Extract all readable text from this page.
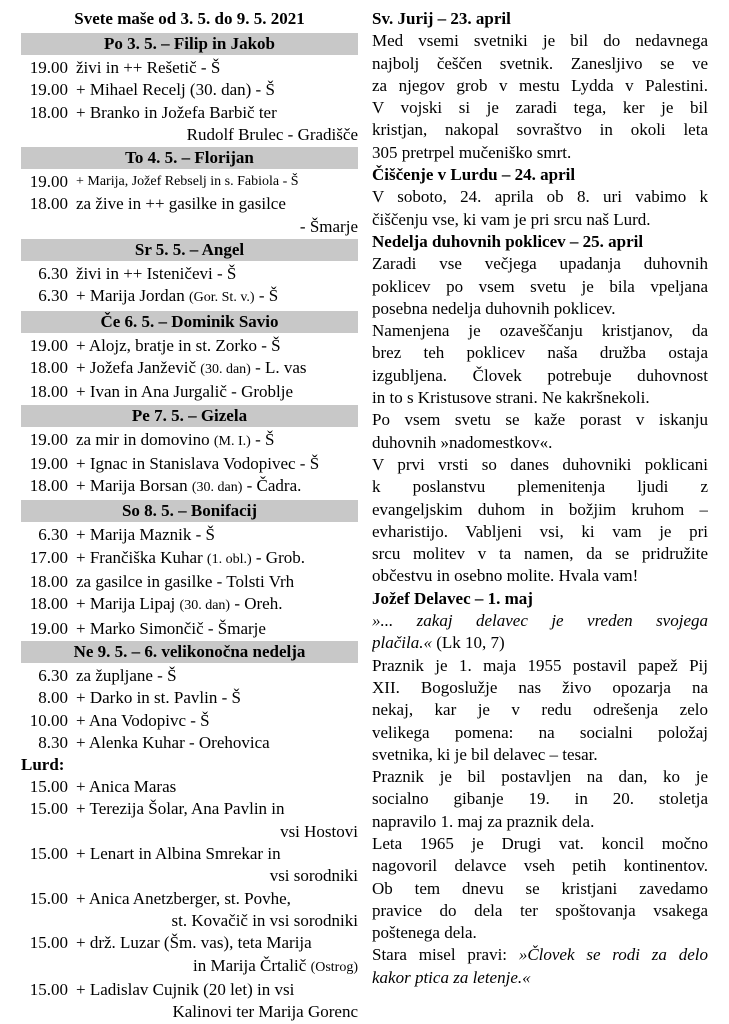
Svete maše od 3. 5. do 9. 5. 2021
Po 3. 5. – Filip in Jakob
19.00 živi in ++ Rešetič - Š
19.00 + Mihael Recelj (30. dan) - Š
18.00 + Branko in Jožefa Barbič ter
Rudolf Brulec - Gradišče
To 4. 5. – Florijan
19.00 + Marija, Jožef Rebselj in s. Fabiola - Š
18.00 za žive in ++ gasilke in gasilce
- Šmarje
Sr 5. 5. – Angel
6.30 živi in ++ Isteničevi - Š
6.30 + Marija Jordan (Gor. St. v.) - Š
Če 6. 5. – Dominik Savio
19.00 + Alojz, bratje in st. Zorko - Š
18.00 + Jožefa Janževič (30. dan) - L. vas
18.00 + Ivan in Ana Jurgalič - Groblje
Pe 7. 5. – Gizela
19.00 za mir in domovino (M. I.) - Š
19.00 + Ignac in Stanislava Vodopivec - Š
18.00 + Marija Borsan (30. dan) - Čadra.
So 8. 5. – Bonifacij
6.30 + Marija Maznik - Š
17.00 + Frančiška Kuhar (1. obl.) - Grob.
18.00 za gasilce in gasilke - Tolsti Vrh
18.00 + Marija Lipaj (30. dan) - Oreh.
19.00 + Marko Simončič - Šmarje
Ne 9. 5. – 6. velikonočna nedelja
6.30 za župljane - Š
8.00 + Darko in st. Pavlin - Š
10.00 + Ana Vodopivc - Š
8.30 + Alenka Kuhar - Orehovica
Lurd:
15.00 + Anica Maras
15.00 + Terezija Šolar, Ana Pavlin in
vsi Hostovi
15.00 + Lenart in Albina Smrekar in
vsi sorodniki
15.00 + Anica Anetzberger, st. Povhe,
st. Kovačič in vsi sorodniki
15.00 + drž. Luzar (Šm. vas), teta Marija
in Marija Črtalič (Ostrog)
15.00 + Ladislav Cujnik (20 let) in vsi
Kalinovi ter Marija Gorenc
Sv. Jurij – 23. april
Med vsemi svetniki je bil do nedavnega
najbolj češčen svetnik. Zanesljivo se ve
za njegov grob v mestu Lydda v Palestini.
V vojski si je zaradi tega, ker je bil
kristjan, nakopal sovraštvo in okoli leta
305 pretrpel mučeniško smrt.
Čiščenje v Lurdu – 24. april
V soboto, 24. aprila ob 8. uri vabimo k
čiščenju vse, ki vam je pri srcu naš Lurd.
Nedelja duhovnih poklicev – 25. april
Zaradi vse večjega upadanja duhovnih
poklicev po vsem svetu je bila vpeljana
posebna nedelja duhovnih poklicev.
Namenjena je ozaveščanju kristjanov, da
brez teh poklicev naša družba ostaja
izgubljena. Človek potrebuje duhovnost
in to s Kristusove strani. Ne kakršnekoli.
Po vsem svetu se kaže porast v iskanju
duhovnih »nadomestkov«.
V prvi vrsti so danes duhovniki poklicani
k poslanstvu plemenitenja ljudi z
evangeljskim duhom in božjim kruhom –
evharistijo. Vabljeni vsi, ki vam je pri
srcu molitev v ta namen, da se pridružite
občestvu in osebno molite. Hvala vam!
Jožef Delavec – 1. maj
»... zakaj delavec je vreden svojega
plačila.« (Lk 10, 7)
Praznik je 1. maja 1955 postavil papež Pij
XII. Bogoslužje nas živo opozarja na
nekaj, kar je v redu odrešenja zelo
velikega pomena: na socialni položaj
svetnika, ki je bil delavec – tesar.
Praznik je bil postavljen na dan, ko je
socialno gibanje 19. in 20. stoletja
napravilo 1. maj za praznik dela.
Leta 1965 je Drugi vat. koncil močno
nagovoril delavce vseh petih kontinentov.
Ob tem dnevu se kristjani zavedamo
pravice do dela ter spoštovanja vsakega
poštenega dela.
Stara misel pravi: »Človek se rodi za delo
kakor ptica za letenje.«
